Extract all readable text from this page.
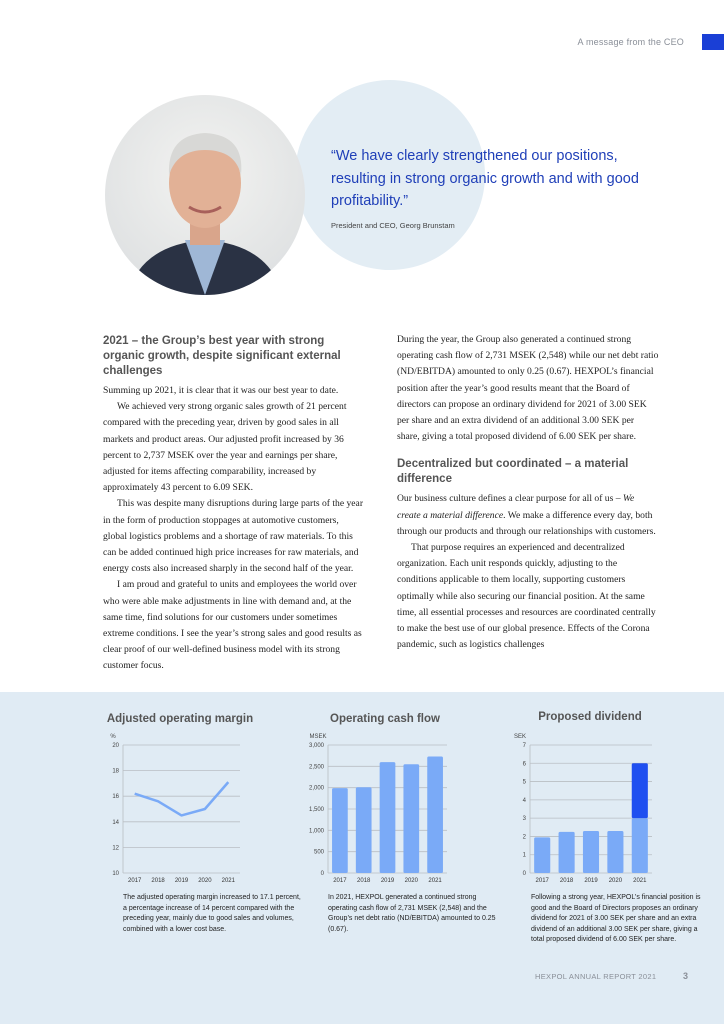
A message from the CEO
“We have clearly strengthened our positions, resulting in strong organic growth and with good profitability.”
President and CEO, Georg Brunstam
2021 – the Group’s best year with strong organic growth, despite significant external challenges

Summing up 2021, it is clear that it was our best year to date.

We achieved very strong organic sales growth of 21 percent compared with the preceding year, driven by good sales in all markets and product areas. Our adjusted profit increased by 36 percent to 2,737 MSEK over the year and earnings per share, adjusted for items affecting comparability, increased by approximately 43 percent to 6.09 SEK.

This was despite many disruptions during large parts of the year in the form of production stoppages at automotive customers, global logistics problems and a shortage of raw materials. To this can be added continued high price increases for raw materials, and energy costs also increased sharply in the second half of the year.

I am proud and grateful to units and employees the world over who were able make adjustments in line with demand and, at the same time, find solutions for our customers under sometimes extreme conditions. I see the year’s strong sales and good results as clear proof of our well-defined business model with its strong customer focus.

During the year, the Group also generated a continued strong operating cash flow of 2,731 MSEK (2,548) while our net debt ratio (ND/EBITDA) amounted to only 0.25 (0.67). HEXPOL’s financial position after the year’s good results meant that the Board of directors can propose an ordinary dividend for 2021 of 3.00 SEK per share and an extra dividend of an additional 3.00 SEK per share, giving a total proposed dividend of 6.00 SEK per share.

Decentralized but coordinated – a material difference

Our business culture defines a clear purpose for all of us – We create a material difference. We make a difference every day, both through our products and through our relationships with customers.

That purpose requires an experienced and decentralized organization. Each unit responds quickly, adjusting to the conditions applicable to them locally, supporting customers optimally while also securing our financial position. At the same time, all essential processes and resources are coordinated centrally to make the best use of our global presence. Effects of the Corona pandemic, such as logistics challenges

Adjusted operating margin	Operating cash flow	Proposed dividend
%
10
12
14
16
18
20
2017 2018 2019 2020 2021
MSEK
0
500
1,000
1,500
2,000
2,500
3,000
2017 2018 2019 2020 2021
SEK
0
1
2
3
4
5
6
7
2017 2018 2019 2020 2021
The adjusted operating margin increased to 17.1 percent, a percentage increase of 14 percent compared with the preceding year, mainly due to good sales and volumes, combined with a lower cost base.
In 2021, HEXPOL generated a continued strong operating cash flow of 2,731 MSEK (2,548) and the Group’s net debt ratio (ND/EBITDA) amounted to 0.25 (0.67).
Following a strong year, HEXPOL’s financial position is good and the Board of Directors proposes an ordinary dividend for 2021 of 3.00 SEK per share and an extra dividend of an additional 3.00 SEK per share, giving a total proposed dividend of 6.00 SEK per share.
HEXPOL ANNUAL REPORT 2021	3
